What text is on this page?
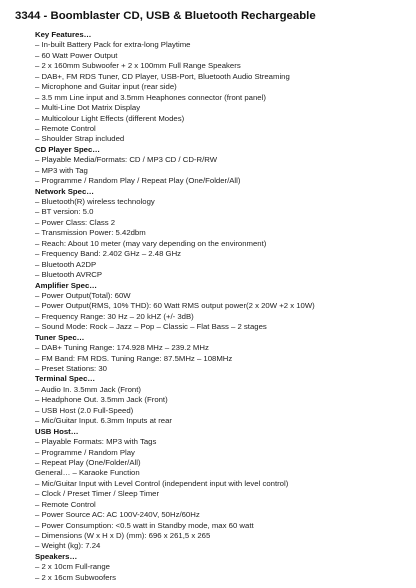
3344 - Boomblaster CD, USB & Bluetooth Rechargeable
Key Features…
– In-built Battery Pack for extra-long Playtime
– 60 Watt Power Output
– 2 x 160mm Subwoofer + 2 x 100mm Full Range Speakers
– DAB+, FM RDS Tuner, CD Player, USB-Port, Bluetooth Audio Streaming
– Microphone and Guitar input (rear side)
– 3.5 mm Line input and 3.5mm Heaphones connector (front panel)
– Multi-Line Dot Matrix Display
– Multicolour Light Effects (different Modes)
– Remote Control
– Shoulder Strap included
CD Player Spec…
– Playable Media/Formats: CD / MP3 CD / CD-R/RW
– MP3 with Tag
– Programme / Random Play / Repeat Play (One/Folder/All)
Network Spec…
– Bluetooth(R) wireless technology
– BT version: 5.0
– Power Class: Class 2
– Transmission Power: 5.42dbm
– Reach: About 10 meter (may vary depending on the environment)
– Frequency Band: 2.402 GHz – 2.48 GHz
– Bluetooth A2DP
– Bluetooth AVRCP
Amplifier Spec…
– Power Output(Total): 60W
– Power Output(RMS, 10% THD): 60 Watt RMS output power(2 x 20W +2 x 10W)
– Frequency Range: 30 Hz – 20 kHZ (+/- 3dB)
– Sound Mode: Rock – Jazz – Pop – Classic – Flat Bass – 2 stages
Tuner Spec…
– DAB+ Tuning Range: 174.928 MHz – 239.2 MHz
– FM Band: FM RDS. Tuning Range: 87.5MHz – 108MHz
– Preset Stations: 30
Terminal Spec…
– Audio In. 3.5mm Jack (Front)
– Headphone Out. 3.5mm Jack (Front)
– USB Host (2.0 Full-Speed)
– Mic/Guitar Input. 6.3mm Inputs at rear
USB Host…
– Playable Formats: MP3 with Tags
– Programme / Random Play
– Repeat Play (One/Folder/All)
General… – Karaoke Function
– Mic/Guitar Input with Level Control (independent input with level control)
– Clock / Preset Timer / Sleep Timer
– Remote Control
– Power Source AC: AC 100V-240V, 50Hz/60Hz
– Power Consumption: <0.5 watt in Standby mode, max 60 watt
– Dimensions (W x H x D) (mm): 696 x 261,5 x 265
– Weight (kg): 7.24
Speakers…
– 2 x 10cm Full-range
– 2 x 16cm Subwoofers
